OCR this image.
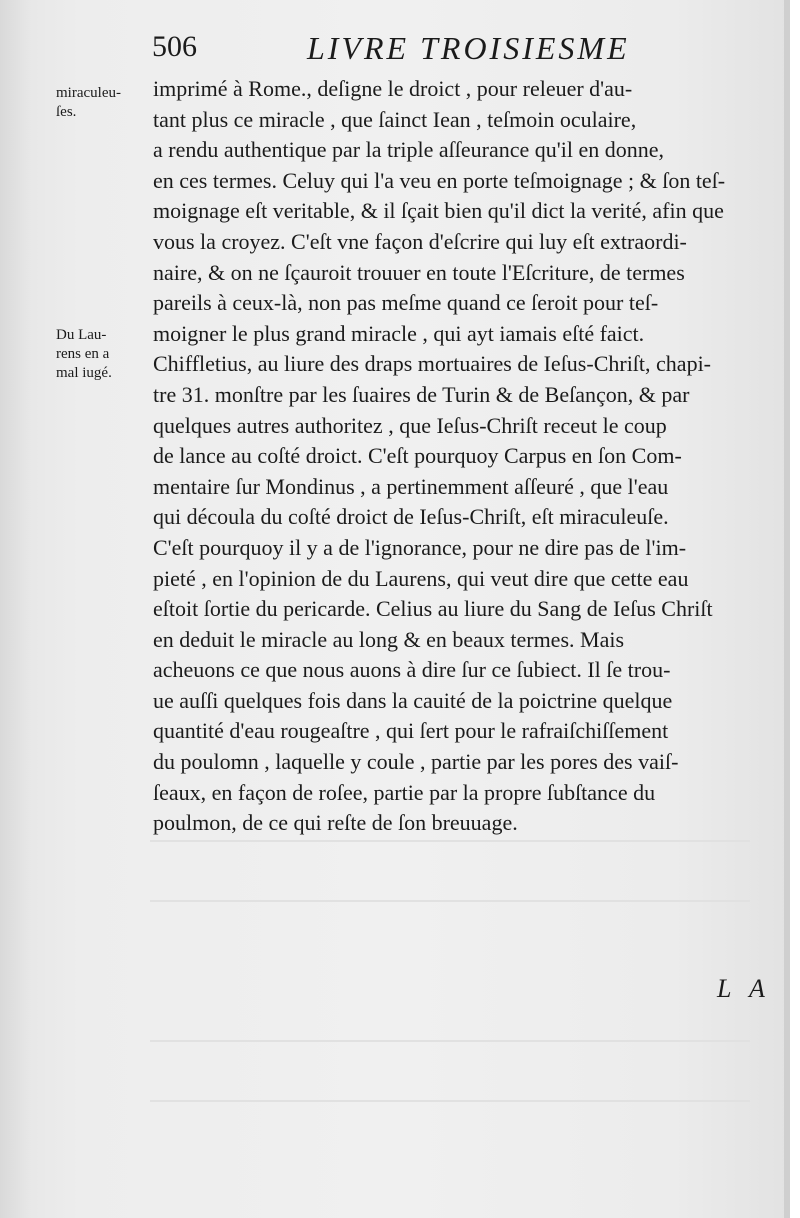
506	LIVRE TROISIESME
miraculeu-
ſes.
Du Lau-
rens en a
mal iugé.
imprimé à Rome., deſigne le droict , pour releuer d'au-
tant plus ce miracle , que ſainct Iean , teſmoin oculaire,
a rendu authentique par la triple aſſeurance qu'il en donne,
en ces termes. Celuy qui l'a veu en porte teſmoignage ; & ſon teſ-
moignage eſt veritable, & il ſçait bien qu'il dict la verité, afin que
vous la croyez. C'eſt vne façon d'eſcrire qui luy eſt extraordi-
naire, & on ne ſçauroit trouuer en toute l'Eſcriture, de termes
pareils à ceux-là, non pas meſme quand ce ſeroit pour teſ-
moigner le plus grand miracle , qui ayt iamais eſté faict.
Chiffletius, au liure des draps mortuaires de Ieſus-Chriſt, chapi-
tre 31. monſtre par les ſuaires de Turin & de Beſançon, & par
quelques autres authoritez , que Ieſus-Chriſt receut le coup
de lance au coſté droict. C'eſt pourquoy Carpus en ſon Com-
mentaire ſur Mondinus , a pertinemment aſſeuré , que l'eau
qui découla du coſté droict de Ieſus-Chriſt, eſt miraculeuſe.
C'eſt pourquoy il y a de l'ignorance, pour ne dire pas de l'im-
pieté , en l'opinion de du Laurens, qui veut dire que cette eau
eſtoit ſortie du pericarde. Celius au liure du Sang de Ieſus Chriſt
en deduit le miracle au long & en beaux termes. Mais
acheuons ce que nous auons à dire ſur ce ſubiect. Il ſe trou-
ue auſſi quelques fois dans la cauité de la poictrine quelque
quantité d'eau rougeaſtre , qui ſert pour le rafraiſchiſſement
du poulomn , laquelle y coule , partie par les pores des vaiſ-
ſeaux, en façon de roſee, partie par la propre ſubſtance du
poulmon, de ce qui reſte de ſon breuuage.
L A
